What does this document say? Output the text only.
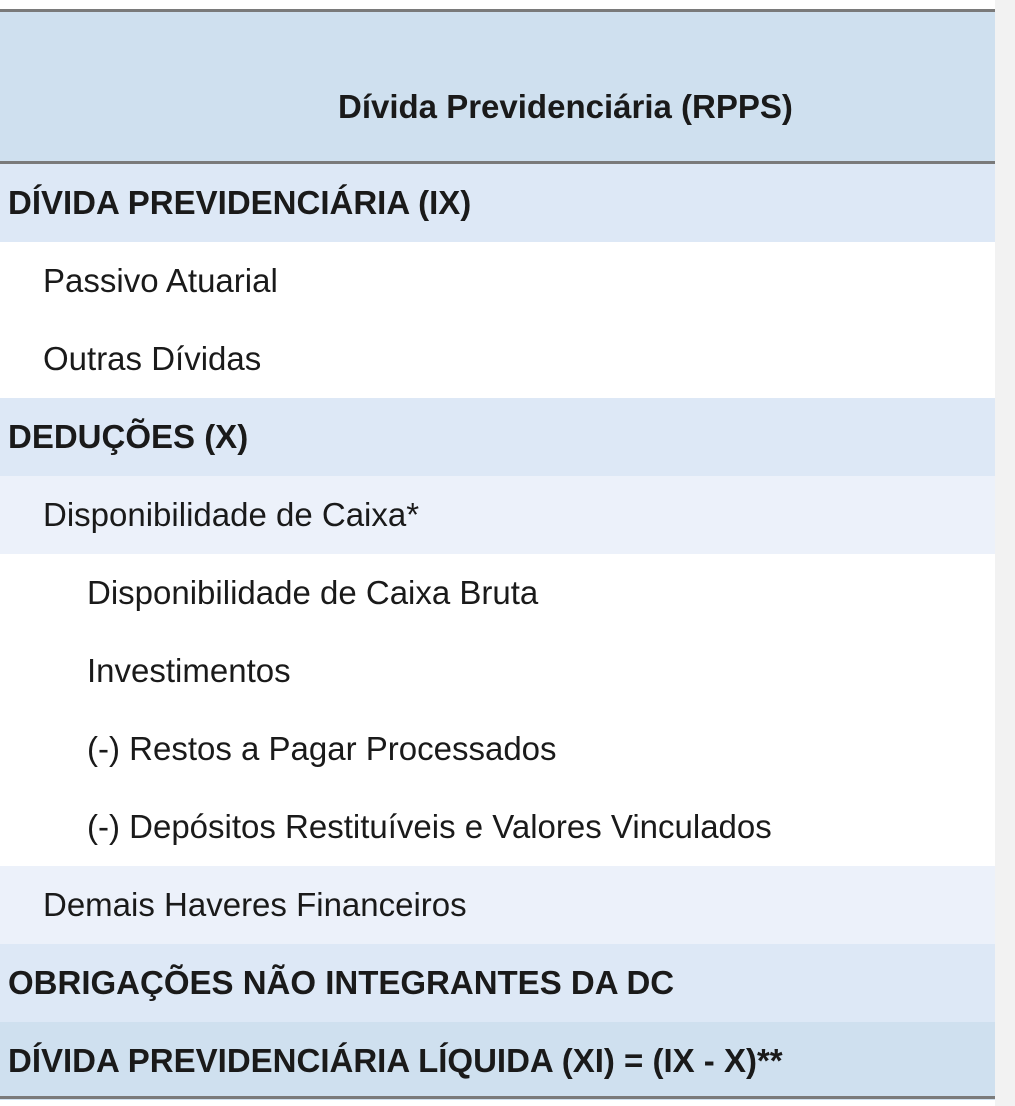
Dívida Previdenciária (RPPS)
DÍVIDA PREVIDENCIÁRIA (IX)
Passivo Atuarial
Outras Dívidas
DEDUÇÕES (X)
Disponibilidade de Caixa*
Disponibilidade de Caixa Bruta
Investimentos
(-) Restos a Pagar Processados
(-) Depósitos Restituíveis e Valores Vinculados
Demais Haveres Financeiros
OBRIGAÇÕES NÃO INTEGRANTES DA DC
DÍVIDA PREVIDENCIÁRIA LÍQUIDA (XI) = (IX - X)**
